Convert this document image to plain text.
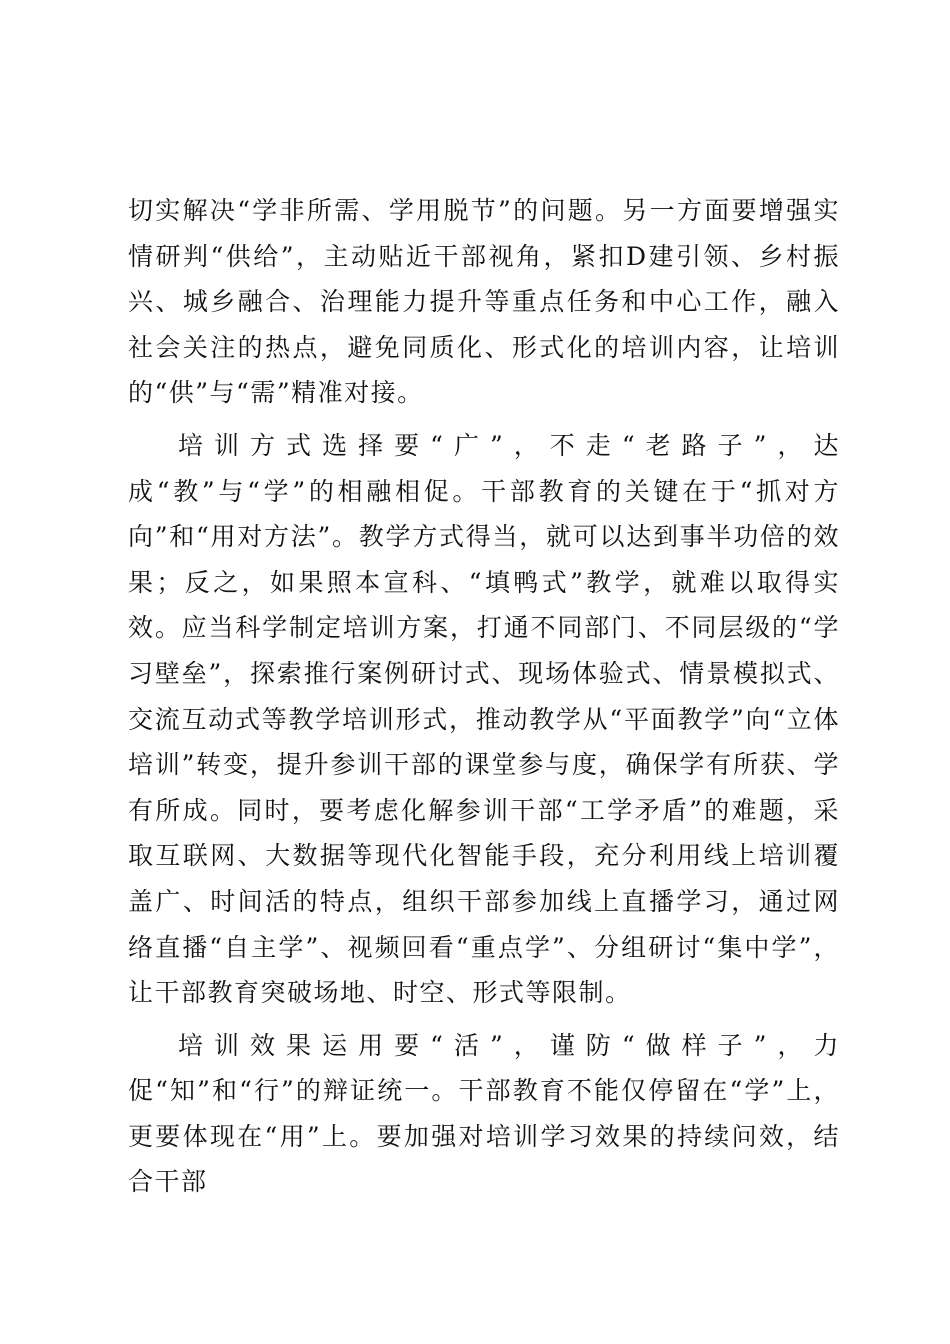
切实解决“学非所需、学用脱节”的问题。另一方面要增强实情研判“供给”，主动贴近干部视角，紧扣D建引领、乡村振兴、城乡融合、治理能力提升等重点任务和中心工作，融入社会关注的热点，避免同质化、形式化的培训内容，让培训的“供”与“需”精准对接。

培训方式选择要“广”，不走“老路子”，达成“教”与“学”的相融相促。干部教育的关键在于“抓对方向”和“用对方法”。教学方式得当，就可以达到事半功倍的效果；反之，如果照本宣科、“填鸭式”教学，就难以取得实效。应当科学制定培训方案，打通不同部门、不同层级的“学习壁垒”，探索推行案例研讨式、现场体验式、情景模拟式、交流互动式等教学培训形式，推动教学从“平面教学”向“立体培训”转变，提升参训干部的课堂参与度，确保学有所获、学有所成。同时，要考虑化解参训干部“工学矛盾”的难题，采取互联网、大数据等现代化智能手段，充分利用线上培训覆盖广、时间活的特点，组织干部参加线上直播学习，通过网络直播“自主学”、视频回看“重点学”、分组研讨“集中学”，让干部教育突破场地、时空、形式等限制。

培训效果运用要“活”，谨防“做样子”，力促“知”和“行”的辩证统一。干部教育不能仅停留在“学”上，更要体现在“用”上。要加强对培训学习效果的持续问效，结合干部
